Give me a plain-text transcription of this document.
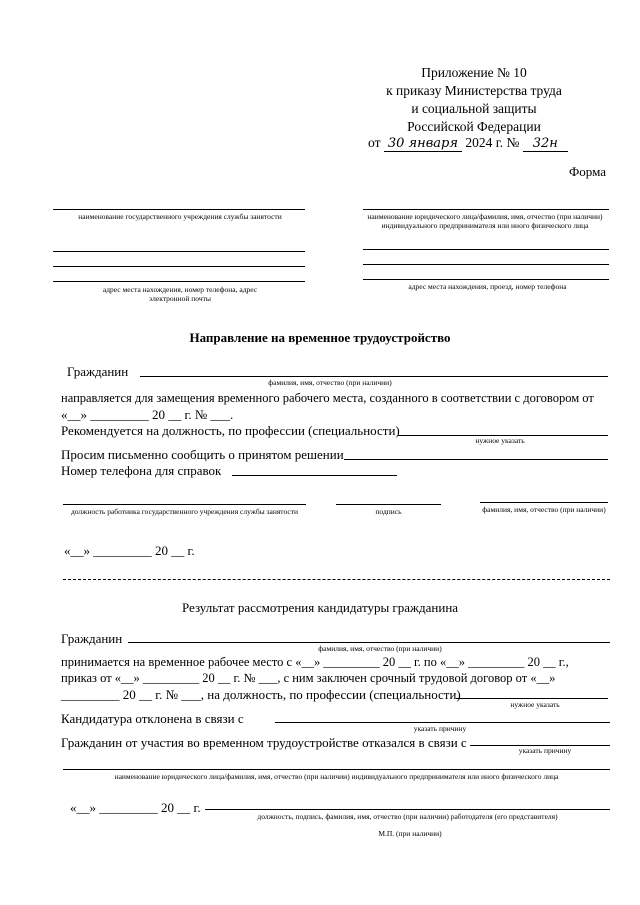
Приложение № 10
к приказу Министерства труда
и социальной защиты
Российской Федерации
от 30 января 2024 г. № 32н
Форма
наименование государственного учреждения службы занятости
адрес места нахождения, номер телефона, адрес электронной почты
наименование юридического лица/фамилия, имя, отчество (при наличии) индивидуального предпринимателя или иного физического лица
адрес места нахождения, проезд, номер телефона
Направление на временное трудоустройство
Гражданин
фамилия, имя, отчество (при наличии)
направляется для замещения временного рабочего места, созданного в соответствии с договором от
«__» _________ 20 __ г. № ___.
Рекомендуется на должность, по профессии (специальности)
нужное указать
Просим письменно сообщить о принятом решении
Номер телефона для справок
должность работника государственного учреждения службы занятости	подпись	фамилия, имя, отчество (при наличии)
«__» _________ 20 __ г.
Результат рассмотрения кандидатуры гражданина
Гражданин
фамилия, имя, отчество (при наличии)
принимается на временное рабочее место с «__» _________ 20 __ г. по «__» _________ 20 __ г.,
приказ от «__» _________ 20 __ г. № ___, с ним заключен срочный трудовой договор от «__»
_________ 20 __ г. № ___, на должность, по профессии (специальности)
нужное указать
Кандидатура отклонена в связи с
указать причину
Гражданин от участия во временном трудоустройстве отказался в связи с
указать причину
наименование юридического лица/фамилия, имя, отчество (при наличии) индивидуального предпринимателя или иного физического лица
«__» _________ 20 __ г.
должность, подпись, фамилия, имя, отчество (при наличии) работодателя (его представителя)
М.П. (при наличии)
